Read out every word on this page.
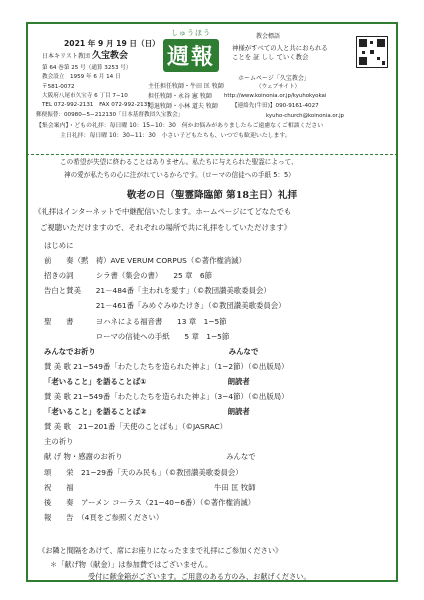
2021 年 9 月 19 日（日）
日本キリスト教団 久宝教会
第 64 巻第 25 号（通算 3253 号）
教会設立　1959 年 6 月 14 日
〒581-0072
大阪府八尾市久宝寺 6 丁目 7−10
TEL 072-992-2131　FAX 072-992-2135
郵便振替：00980−5−212130「日本基督教団久宝教会」
【集会案内】・どもの礼拝：毎日曜 10：15−10：30　何かお悩みがありましたらご遠慮なくご相談ください
主日礼拝：毎日曜 10：30−11：30　小さい子どもたちも、いつでも歓迎いたします。
しゅうほう
週報
主任担任牧師・牛田 匡 牧師
担任牧師・永谷 憲 牧師
隠退牧師・小林 道夫 牧師
教会標語
神様がすべての人と共におられる
ことを 証 しし ていく教会
ホームページ「久宝教会」
（ウェブサイト）
http://www.koinonia.or.jp/kyuhokyokai
【連絡先(牛田)】090-9161-4027
kyuho-church@koinonia.or.jp
この希望が失望に終わることはありません。私たちに与えられた聖霊によって、
神の愛が私たちの心に注がれているからです。（ローマの信徒への手紙 5：5）
敬老の日（聖霊降臨節 第18主日）礼拝
《礼拝はインターネットで中継配信いたします。ホームページにてどなたでも
ご視聴いただけますので、それぞれの場所で共に礼拝をしていただけます》
はじめに
前　　奏（黙　祷）AVE VERUM CORPUS（©著作権消滅）
招きの詞　　　シラ書（集会の書）　　25 章　6節
告白と賛美　　21－484番「主われを愛す」（©教団讃美歌委員会）
　　　　　　　21－461番「みめぐみゆたけき」（©教団讃美歌委員会）
聖　　書　　　ヨハネによる福音書　　13 章　1−5節
　　　　　　　ローマの信徒への手紙　　5 章　1−5節
みんなでお祈り　　　　　　　　　　　　　　　　　　みんなで
賛 美 歌 21−549番「わたしたちを造られた神よ」（1−2節）（©出版局）
「老いること」を語ることば①　　　　　　　　　　　朗読者
賛 美 歌 21−549番「わたしたちを造られた神よ」（3−4節）（©出版局）
「老いること」を語ることば②　　　　　　　　　　　朗読者
賛 美 歌　21−201番「天使のことばも」（©JASRAC）
主の祈り
献 げ 物・感謝のお祈り　　　　　　　　　　　　　　みんなで
頌　　栄　21−29番「天のみ民も」（©教団讃美歌委員会）
祝　　福　　　　　　　　　　　　　　　　　　　牛田 匡 牧師
後　　奏　アーメン コーラス（21−40−6番）（©著作権消滅）
報　　告　（4頁をご参照ください）
《お隣と間隔をあけて、席にお座りになったままで礼拝にご参加ください》
＊「献げ物（献金）」は参加費ではございません。
受付に献金箱がございます。ご用意のある方のみ、お献げください。
